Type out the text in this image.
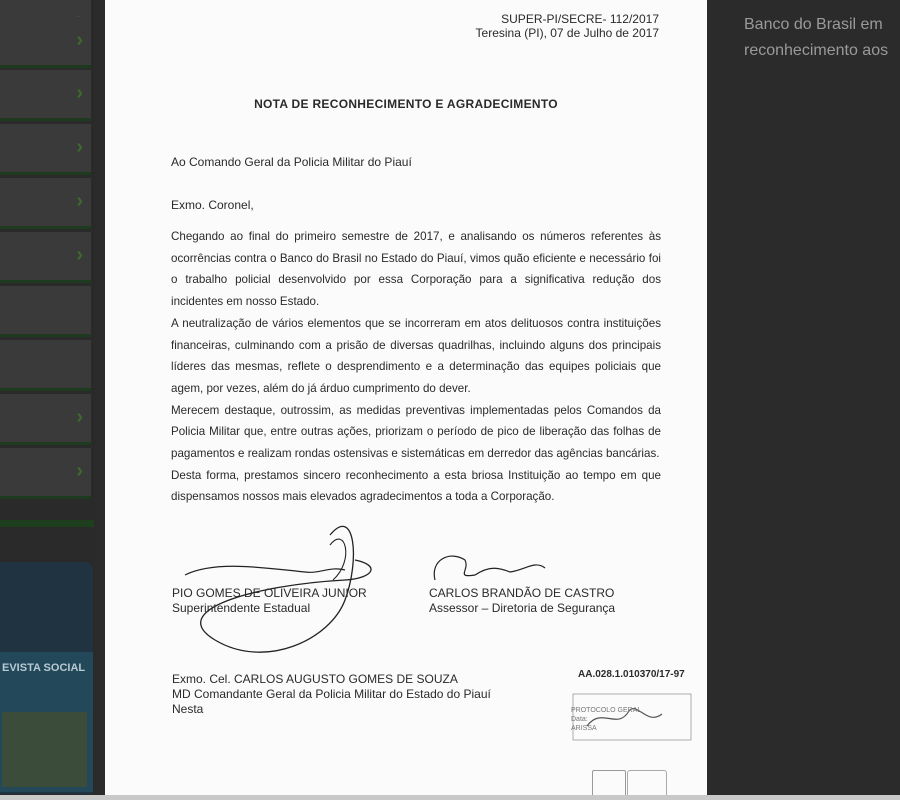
›
›
›
›
›
›
›
EVISTA SOCIAL
Banco do Brasil em
reconhecimento aos
SUPER-PI/SECRE- 112/2017
Teresina (PI), 07 de Julho de 2017
NOTA DE RECONHECIMENTO E AGRADECIMENTO
Ao Comando Geral da Policia Militar do Piauí
Exmo. Coronel,

Chegando ao final do primeiro semestre de 2017, e analisando os números referentes às ocorrências contra o Banco do Brasil no Estado do Piauí, vimos quão eficiente e necessário foi o trabalho policial desenvolvido por essa Corporação para a significativa redução dos incidentes em nosso Estado.

A neutralização de vários elementos que se incorreram em atos delituosos contra instituições financeiras, culminando com a prisão de diversas quadrilhas, incluindo alguns dos principais líderes das mesmas, reflete o desprendimento e a determinação das equipes policiais que agem, por vezes, além do já árduo cumprimento do dever.

Merecem destaque, outrossim, as medidas preventivas implementadas pelos Comandos da Policia Militar que, entre outras ações, priorizam o período de pico de liberação das folhas de pagamentos e realizam rondas ostensivas e sistemáticas em derredor das agências bancárias.

Desta forma, prestamos sincero reconhecimento a esta briosa Instituição ao tempo em que dispensamos nossos mais elevados agradecimentos a toda a Corporação.

PIO GOMES DE OLIVEIRA JUNIOR
Superintendente Estadual
CARLOS BRANDÃO DE CASTRO
Assessor – Diretoria de Segurança
AA.028.1.010370/17-97
Exmo. Cel. CARLOS AUGUSTO GOMES DE SOUZA
MD Comandante Geral da Policia Militar do Estado do Piauí
Nesta	PROTOCOLO GERAL
Data:
ARISSA
